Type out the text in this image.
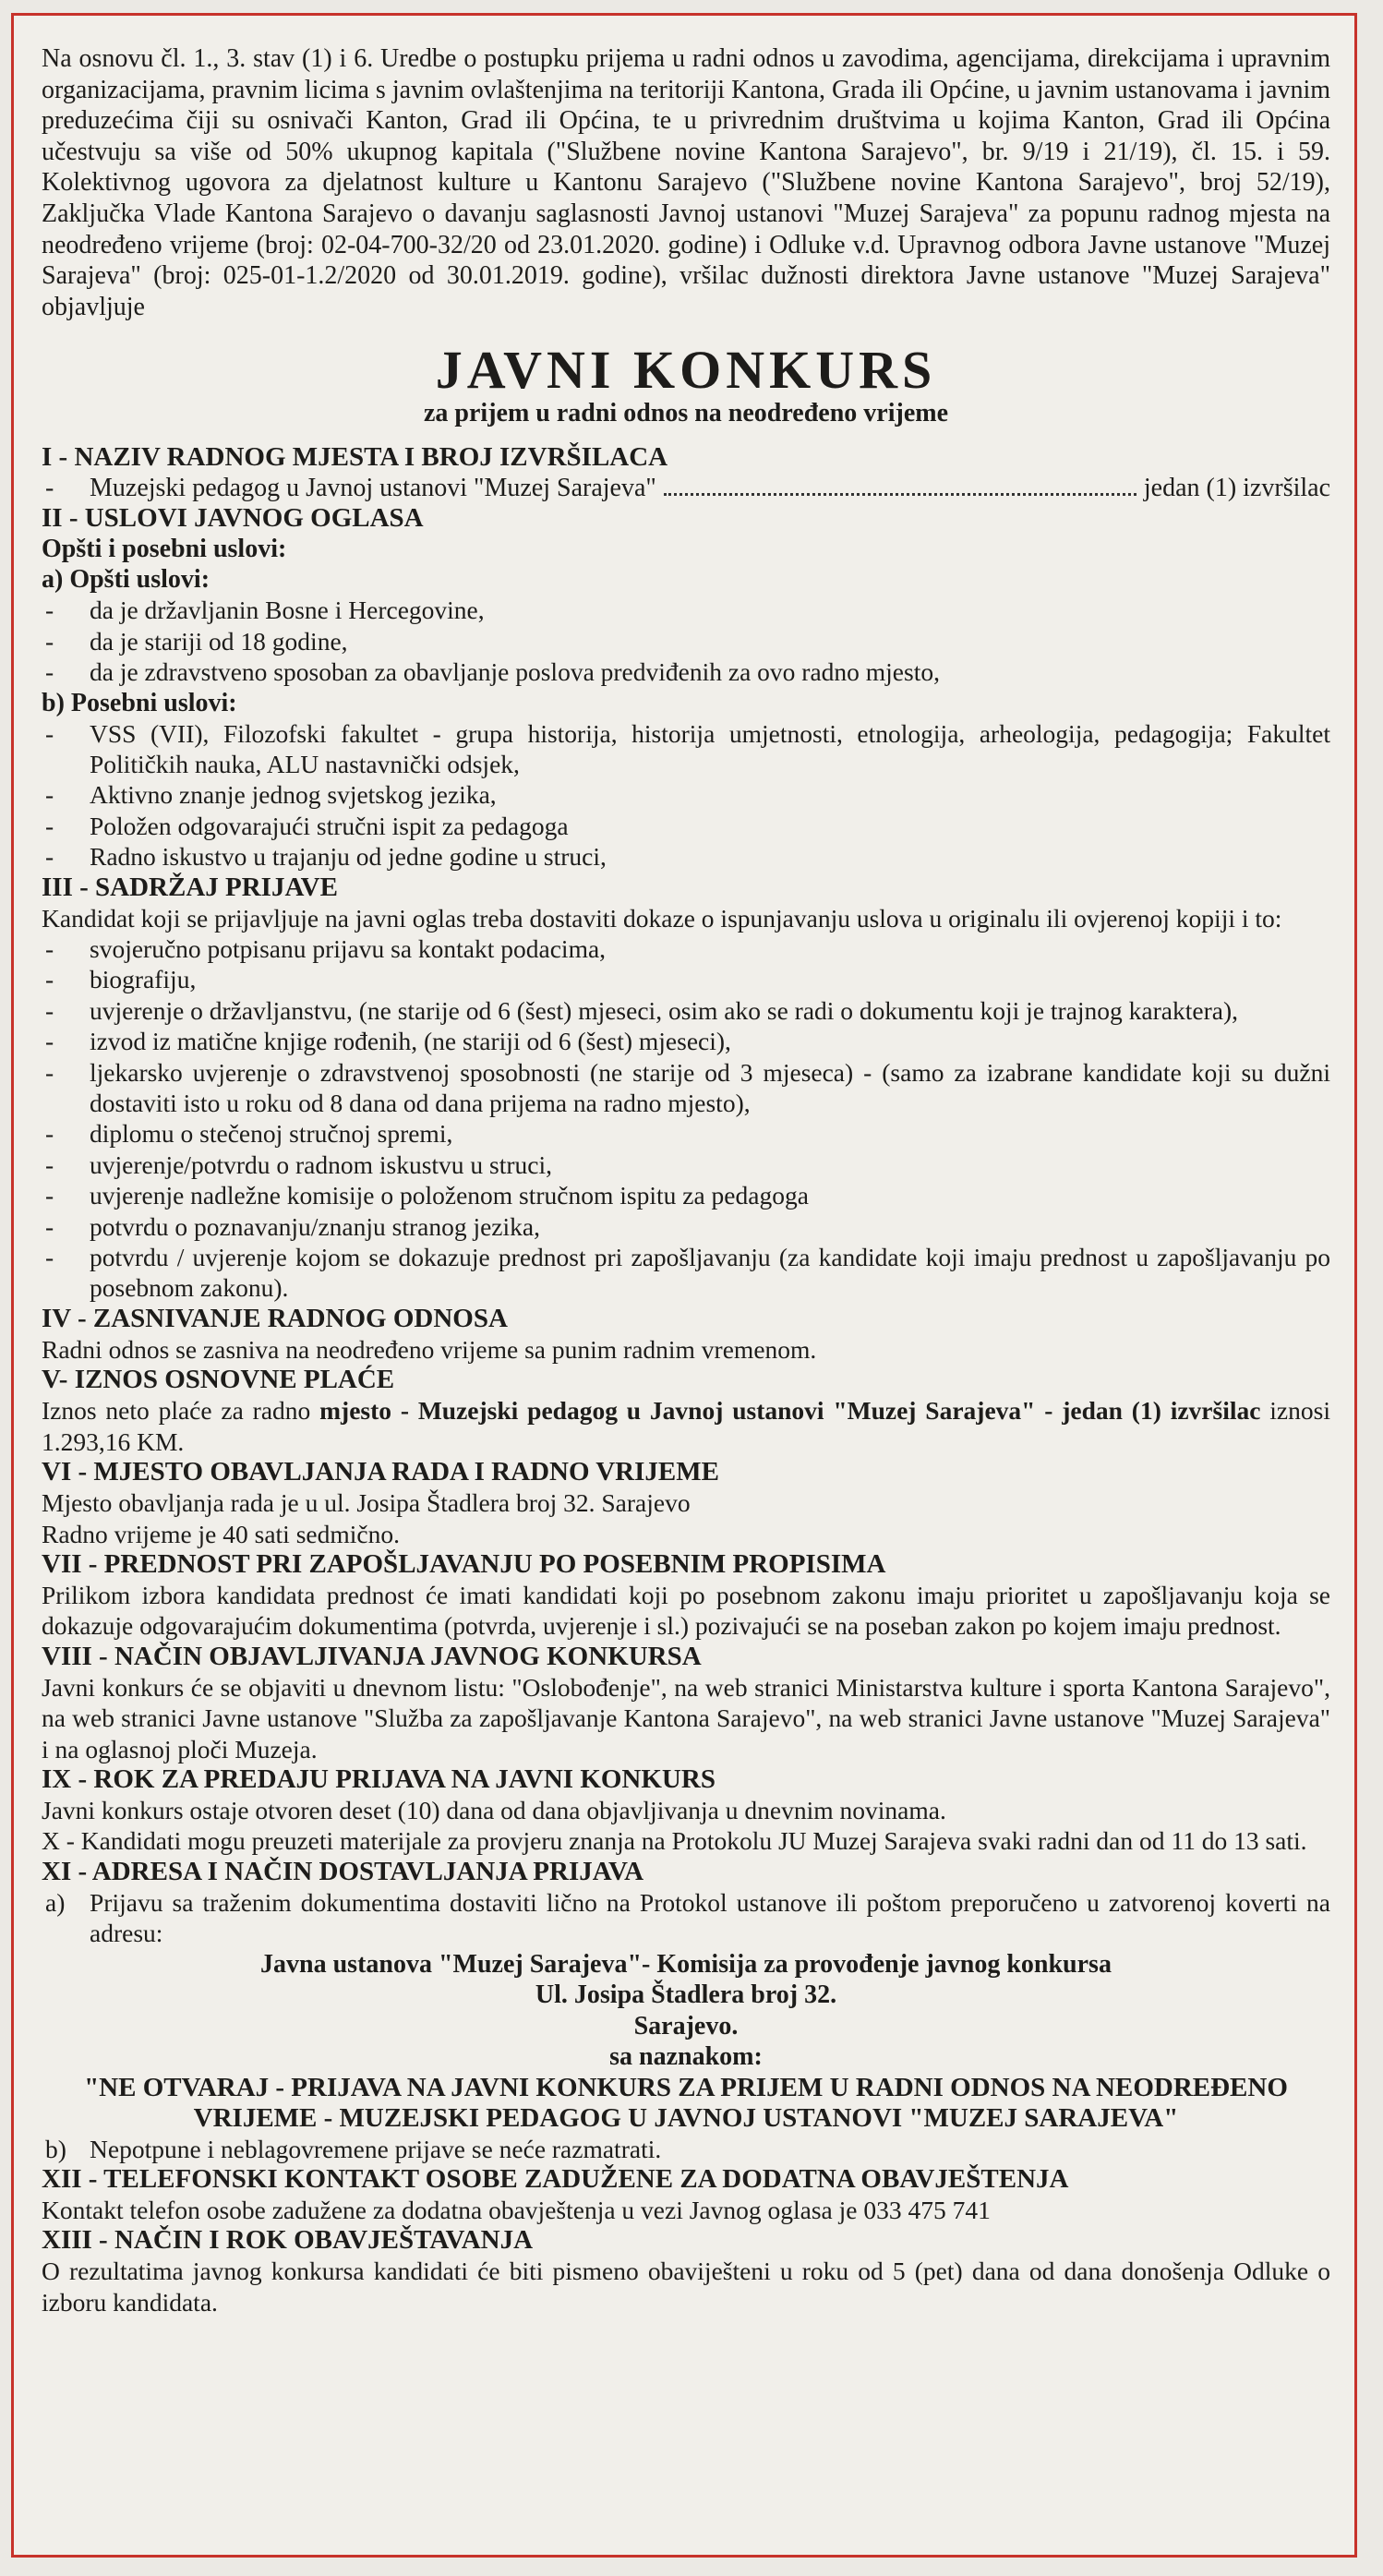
Na osnovu čl. 1., 3. stav (1) i 6. Uredbe o postupku prijema u radni odnos u zavodima, agencijama, direkcijama i upravnim organizacijama, pravnim licima s javnim ovlaštenjima na teritoriji Kantona, Grada ili Općine, u javnim ustanovama i javnim preduzećima čiji su osnivači Kanton, Grad ili Općina, te u privrednim društvima u kojima Kanton, Grad ili Općina učestvuju sa više od 50% ukupnog kapitala ("Službene novine Kantona Sarajevo", br. 9/19 i 21/19), čl. 15. i 59. Kolektivnog ugovora za djelatnost kulture u Kantonu Sarajevo ("Službene novine Kantona Sarajevo", broj 52/19), Zaključka Vlade Kantona Sarajevo o davanju saglasnosti Javnoj ustanovi "Muzej Sarajeva" za popunu radnog mjesta na neodređeno vrijeme (broj: 02-04-700-32/20 od 23.01.2020. godine) i Odluke v.d. Upravnog odbora Javne ustanove "Muzej Sarajeva" (broj: 025-01-1.2/2020 od 30.01.2019. godine), vršilac dužnosti direktora Javne ustanove "Muzej Sarajeva" objavljuje

JAVNI KONKURS
za prijem u radni odnos na neodređeno vrijeme
I - NAZIV RADNOG MJESTA I BROJ IZVRŠILACA
-	Muzejski pedagog u Javnoj ustanovi "Muzej Sarajeva"	jedan (1) izvršilac
II - USLOVI JAVNOG OGLASA
Opšti i posebni uslovi:
a) Opšti uslovi:
- da je državljanin Bosne i Hercegovine,
- da je stariji od 18 godine,
- da je zdravstveno sposoban za obavljanje poslova predviđenih za ovo radno mjesto,
b) Posebni uslovi:
- VSS (VII), Filozofski fakultet - grupa historija, historija umjetnosti, etnologija, arheologija, pedagogija; Fakultet Političkih nauka, ALU nastavnički odsjek,
- Aktivno znanje jednog svjetskog jezika,
- Položen odgovarajući stručni ispit za pedagoga
- Radno iskustvo u trajanju od jedne godine u struci,
III - SADRŽAJ PRIJAVE

Kandidat koji se prijavljuje na javni oglas treba dostaviti dokaze o ispunjavanju uslova u originalu ili ovjerenoj kopiji i to:

- svojeručno potpisanu prijavu sa kontakt podacima,
- biografiju,
- uvjerenje o državljanstvu, (ne starije od 6 (šest) mjeseci, osim ako se radi o dokumentu koji je trajnog karaktera),
- izvod iz matične knjige rođenih, (ne stariji od 6 (šest) mjeseci),
- ljekarsko uvjerenje o zdravstvenoj sposobnosti (ne starije od 3 mjeseca) - (samo za izabrane kandidate koji su dužni dostaviti isto u roku od 8 dana od dana prijema na radno mjesto),
- diplomu o stečenoj stručnoj spremi,
- uvjerenje/potvrdu o radnom iskustvu u struci,
- uvjerenje nadležne komisije o položenom stručnom ispitu za pedagoga
- potvrdu o poznavanju/znanju stranog jezika,
- potvrdu / uvjerenje kojom se dokazuje prednost pri zapošljavanju (za kandidate koji imaju prednost u zapošljavanju po posebnom zakonu).
IV - ZASNIVANJE RADNOG ODNOSA

Radni odnos se zasniva na neodređeno vrijeme sa punim radnim vremenom.

V- IZNOS OSNOVNE PLAĆE

Iznos neto plaće za radno mjesto - Muzejski pedagog u Javnoj ustanovi "Muzej Sarajeva" - jedan (1) izvršilac iznosi 1.293,16 KM.

VI - MJESTO OBAVLJANJA RADA I RADNO VRIJEME

Mjesto obavljanja rada je u ul. Josipa Štadlera broj 32. Sarajevo

Radno vrijeme je 40 sati sedmično.

VII - PREDNOST PRI ZAPOŠLJAVANJU PO POSEBNIM PROPISIMA

Prilikom izbora kandidata prednost će imati kandidati koji po posebnom zakonu imaju prioritet u zapošljavanju koja se dokazuje odgovarajućim dokumentima (potvrda, uvjerenje i sl.) pozivajući se na poseban zakon po kojem imaju prednost.

VIII - NAČIN OBJAVLJIVANJA JAVNOG KONKURSA

Javni konkurs će se objaviti u dnevnom listu: "Oslobođenje", na web stranici Ministarstva kulture i sporta Kantona Sarajevo", na web stranici Javne ustanove "Služba za zapošljavanje Kantona Sarajevo", na web stranici Javne ustanove "Muzej Sarajeva" i na oglasnoj ploči Muzeja.

IX - ROK ZA PREDAJU PRIJAVA NA JAVNI KONKURS

Javni konkurs ostaje otvoren deset (10) dana od dana objavljivanja u dnevnim novinama.

X - Kandidati mogu preuzeti materijale za provjeru znanja na Protokolu JU Muzej Sarajeva svaki radni dan od 11 do 13 sati.

XI - ADRESA I NAČIN DOSTAVLJANJA PRIJAVA
a) Prijavu sa traženim dokumentima dostaviti lično na Protokol ustanove ili poštom preporučeno u zatvorenoj koverti na adresu:
Javna ustanova "Muzej Sarajeva"- Komisija za provođenje javnog konkursa
Ul. Josipa Štadlera broj 32.
Sarajevo.
sa naznakom:
"NE OTVARAJ - PRIJAVA NA JAVNI KONKURS ZA PRIJEM U RADNI ODNOS NA NEODREĐENO VRIJEME - MUZEJSKI PEDAGOG U JAVNOJ USTANOVI "MUZEJ SARAJEVA"
b) Nepotpune i neblagovremene prijave se neće razmatrati.
XII - TELEFONSKI KONTAKT OSOBE ZADUŽENE ZA DODATNA OBAVJEŠTENJA

Kontakt telefon osobe zadužene za dodatna obavještenja u vezi Javnog oglasa je 033 475 741

XIII - NAČIN I ROK OBAVJEŠTAVANJA

O rezultatima javnog konkursa kandidati će biti pismeno obaviješteni u roku od 5 (pet) dana od dana donošenja Odluke o izboru kandidata.
